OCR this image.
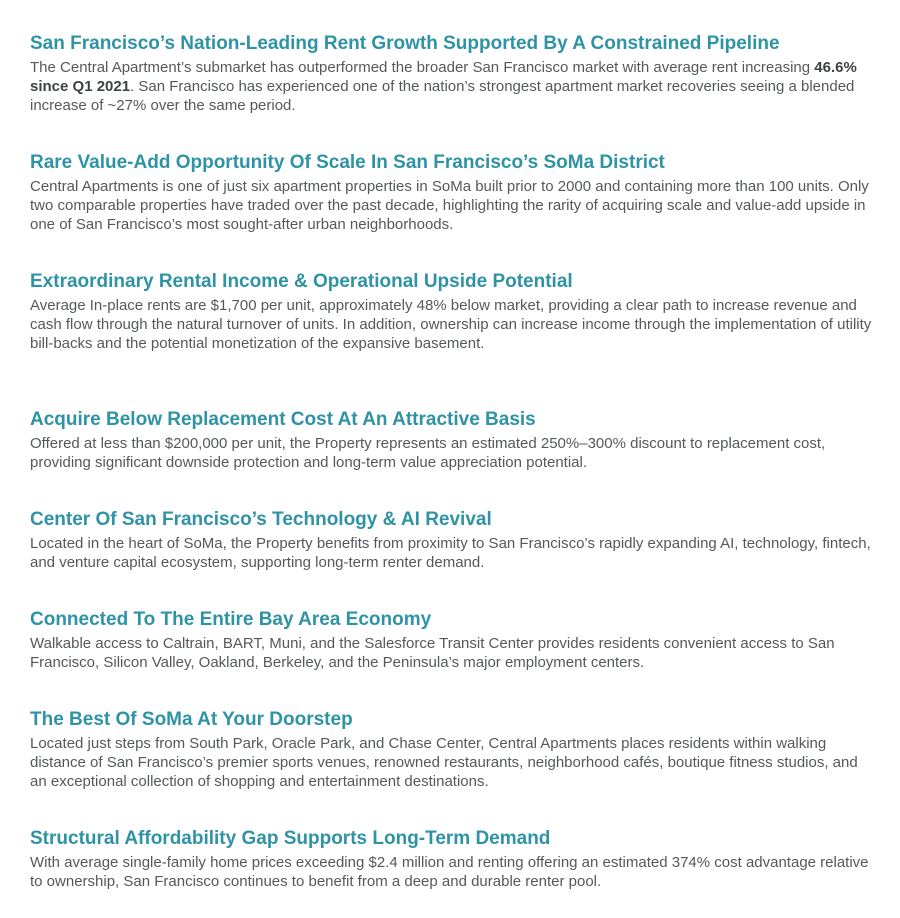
San Francisco’s Nation-Leading Rent Growth Supported By A Constrained Pipeline

The Central Apartment’s submarket has outperformed the broader San Francisco market with average rent increasing 46.6% since Q1 2021. San Francisco has experienced one of the nation’s strongest apartment market recoveries seeing a blended increase of ~27% over the same period.

Rare Value-Add Opportunity Of Scale In San Francisco’s SoMa District

Central Apartments is one of just six apartment properties in SoMa built prior to 2000 and containing more than 100 units. Only two comparable properties have traded over the past decade, highlighting the rarity of acquiring scale and value-add upside in one of San Francisco’s most sought-after urban neighborhoods.

Extraordinary Rental Income & Operational Upside Potential

Average In-place rents are $1,700 per unit, approximately 48% below market, providing a clear path to increase revenue and cash flow through the natural turnover of units. In addition, ownership can increase income through the implementation of utility bill-backs and the potential monetization of the expansive basement.

Acquire Below Replacement Cost At An Attractive Basis

Offered at less than $200,000 per unit, the Property represents an estimated 250%–300% discount to replacement cost, providing significant downside protection and long-term value appreciation potential.

Center Of San Francisco’s Technology & AI Revival

Located in the heart of SoMa, the Property benefits from proximity to San Francisco’s rapidly expanding AI, technology, fintech, and venture capital ecosystem, supporting long-term renter demand.

Connected To The Entire Bay Area Economy

Walkable access to Caltrain, BART, Muni, and the Salesforce Transit Center provides residents convenient access to San Francisco, Silicon Valley, Oakland, Berkeley, and the Peninsula’s major employment centers.

The Best Of SoMa At Your Doorstep

Located just steps from South Park, Oracle Park, and Chase Center, Central Apartments places residents within walking distance of San Francisco’s premier sports venues, renowned restaurants, neighborhood cafés, boutique fitness studios, and an exceptional collection of shopping and entertainment destinations.

Structural Affordability Gap Supports Long-Term Demand

With average single-family home prices exceeding $2.4 million and renting offering an estimated 374% cost advantage relative to ownership, San Francisco continues to benefit from a deep and durable renter pool.
